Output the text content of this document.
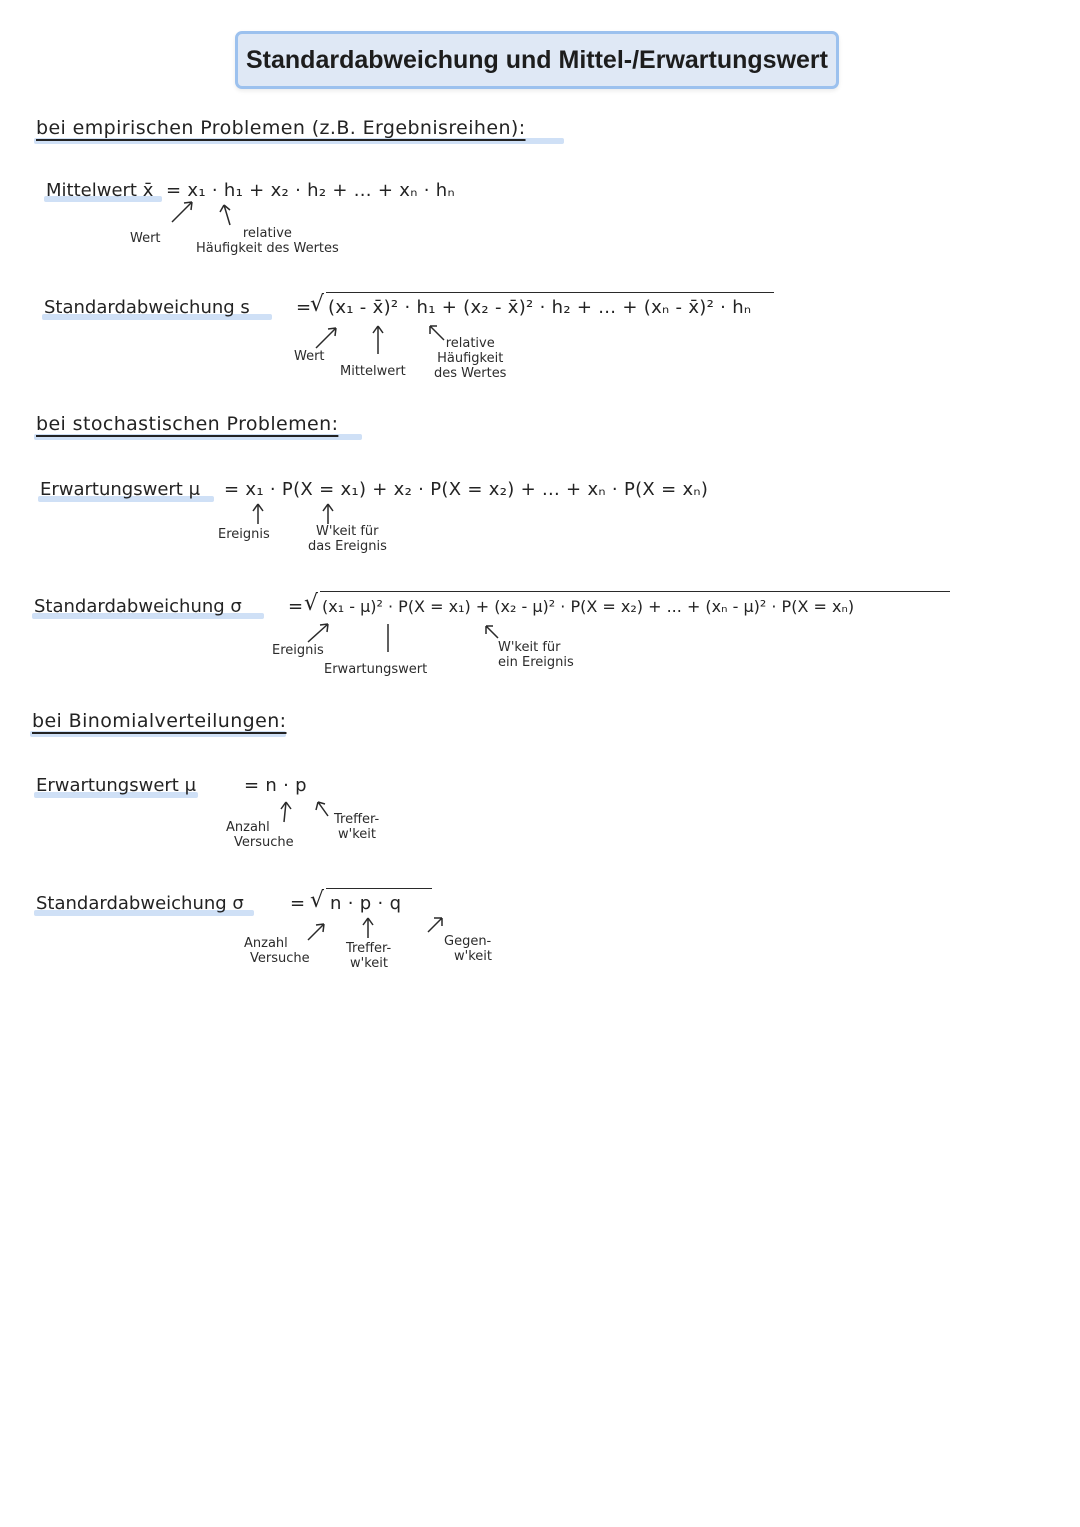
Standardabweichung und Mittel-/Erwartungswert
bei empirischen Problemen (z.B. Ergebnisreihen):
Mittelwert x̄ = x₁ · h₁ + x₂ · h₂ + ... + xₙ · hₙ
Wert	relative
Häufigkeit des Wertes
Standardabweichung s	=
√ (x₁ - x̄)² · h₁ + (x₂ - x̄)² · h₂ + ... + (xₙ - x̄)² · hₙ
Wert
Mittelwert
relative
Häufigkeit
des Wertes
bei stochastischen Problemen:
Erwartungswert μ = x₁ · P(X = x₁) + x₂ · P(X = x₂) + ... + xₙ · P(X = xₙ)
Ereignis	W'keit für
das Ereignis
Standardabweichung σ	= √ (x₁ - μ)² · P(X = x₁) + (x₂ - μ)² · P(X = x₂) + ... + (xₙ - μ)² · P(X = xₙ)
Ereignis
Erwartungswert
W'keit für
ein Ereignis
bei Binomialverteilungen:
Erwartungswert μ	= n · p
Anzahl
Versuche
Treffer-
w'keit
Standardabweichung σ	= √ n · p · q
Anzahl
Versuche
Treffer-
w'keit
Gegen-
w'keit
